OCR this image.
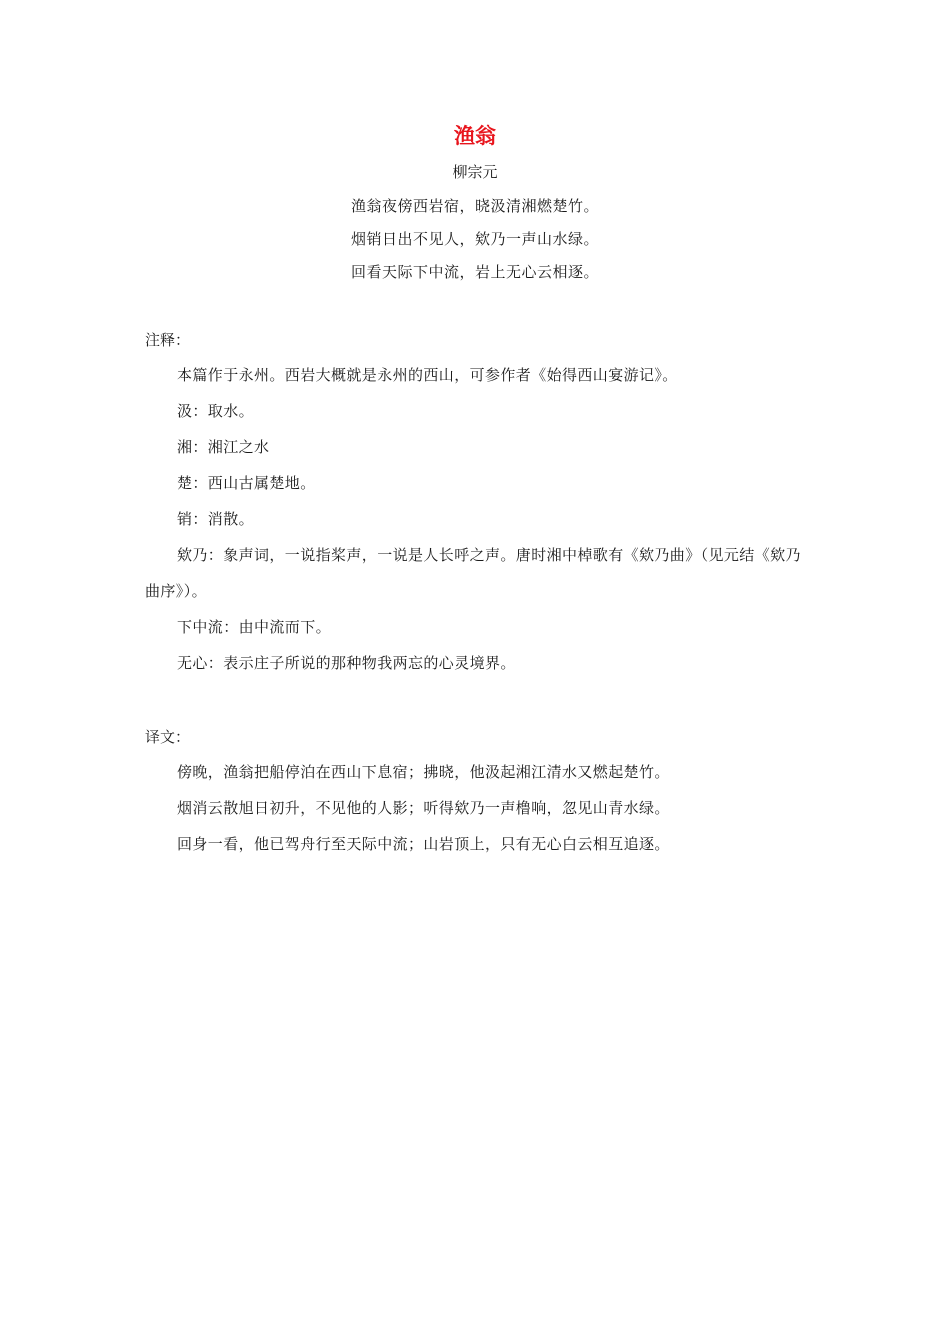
渔翁
柳宗元
渔翁夜傍西岩宿，晓汲清湘燃楚竹。
烟销日出不见人，欸乃一声山水绿。
回看天际下中流，岩上无心云相逐。
注释：
本篇作于永州。西岩大概就是永州的西山，可参作者《始得西山宴游记》。
汲：取水。
湘：湘江之水
楚：西山古属楚地。
销：消散。
欸乃：象声词，一说指桨声，一说是人长呼之声。唐时湘中棹歌有《欸乃曲》（见元结《欸乃曲序》）。
下中流：由中流而下。
无心：表示庄子所说的那种物我两忘的心灵境界。
译文：
傍晚，渔翁把船停泊在西山下息宿；拂晓，他汲起湘江清水又燃起楚竹。
烟消云散旭日初升，不见他的人影；听得欸乃一声橹响，忽见山青水绿。
回身一看，他已驾舟行至天际中流；山岩顶上，只有无心白云相互追逐。
